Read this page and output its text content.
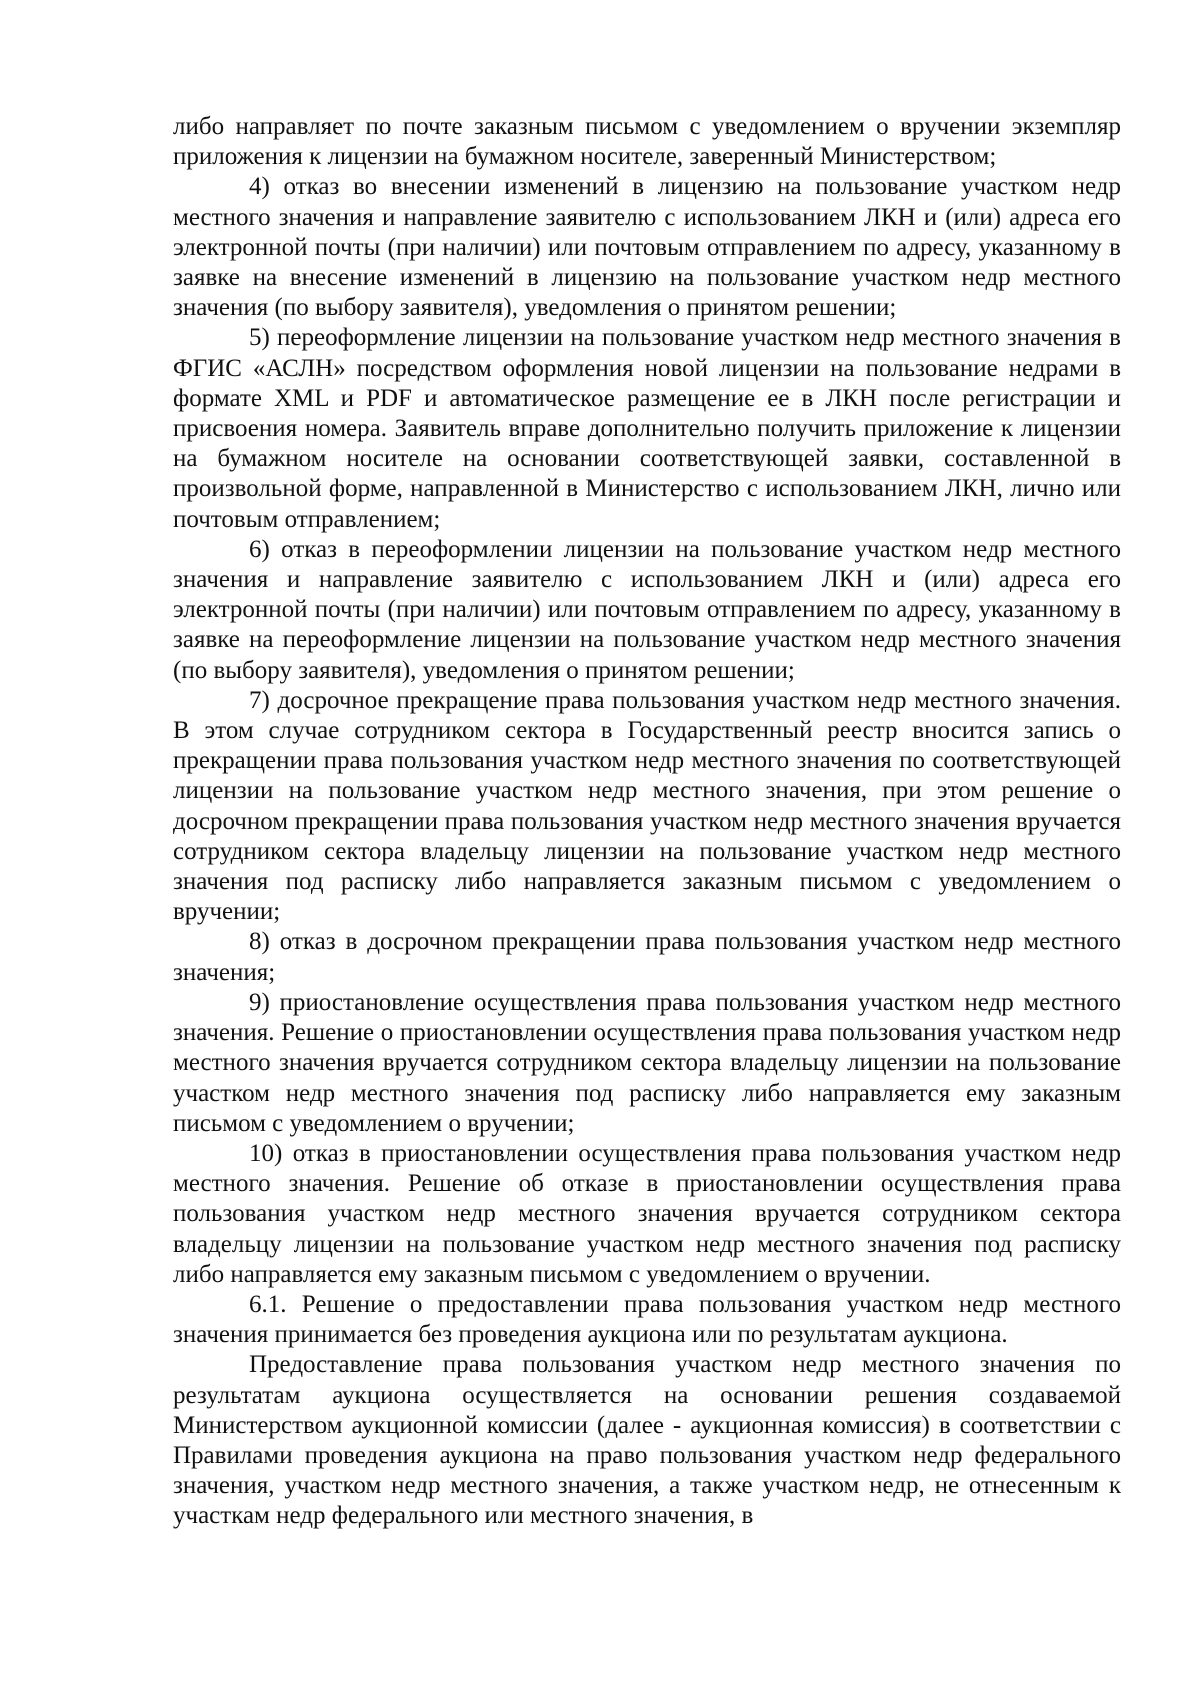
либо направляет по почте заказным письмом с уведомлением о вручении экземпляр приложения к лицензии на бумажном носителе, заверенный Министерством;

4) отказ во внесении изменений в лицензию на пользование участком недр местного значения и направление заявителю с использованием ЛКН и (или) адреса его электронной почты (при наличии) или почтовым отправлением по адресу, указанному в заявке на внесение изменений в лицензию на пользование участком недр местного значения (по выбору заявителя), уведомления о принятом решении;

5) переоформление лицензии на пользование участком недр местного значения в ФГИС «АСЛН» посредством оформления новой лицензии на пользование недрами в формате XML и PDF и автоматическое размещение ее в ЛКН после регистрации и присвоения номера. Заявитель вправе дополнительно получить приложение к лицензии на бумажном носителе на основании соответствующей заявки, составленной в произвольной форме, направленной в Министерство с использованием ЛКН, лично или почтовым отправлением;

6) отказ в переоформлении лицензии на пользование участком недр местного значения и направление заявителю с использованием ЛКН и (или) адреса его электронной почты (при наличии) или почтовым отправлением по адресу, указанному в заявке на переоформление лицензии на пользование участком недр местного значения (по выбору заявителя), уведомления о принятом решении;

7) досрочное прекращение права пользования участком недр местного значения. В этом случае сотрудником сектора в Государственный реестр вносится запись о прекращении права пользования участком недр местного значения по соответствующей лицензии на пользование участком недр местного значения, при этом решение о досрочном прекращении права пользования участком недр местного значения вручается сотрудником сектора владельцу лицензии на пользование участком недр местного значения под расписку либо направляется заказным письмом с уведомлением о вручении;

8) отказ в досрочном прекращении права пользования участком недр местного значения;

9) приостановление осуществления права пользования участком недр местного значения. Решение о приостановлении осуществления права пользования участком недр местного значения вручается сотрудником сектора владельцу лицензии на пользование участком недр местного значения под расписку либо направляется ему заказным письмом с уведомлением о вручении;

10) отказ в приостановлении осуществления права пользования участком недр местного значения. Решение об отказе в приостановлении осуществления права пользования участком недр местного значения вручается сотрудником сектора владельцу лицензии на пользование участком недр местного значения под расписку либо направляется ему заказным письмом с уведомлением о вручении.

6.1. Решение о предоставлении права пользования участком недр местного значения принимается без проведения аукциона или по результатам аукциона.

Предоставление права пользования участком недр местного значения по результатам аукциона осуществляется на основании решения создаваемой Министерством аукционной комиссии (далее - аукционная комиссия) в соответствии с Правилами проведения аукциона на право пользования участком недр федерального значения, участком недр местного значения, а также участком недр, не отнесенным к участкам недр федерального или местного значения, в
